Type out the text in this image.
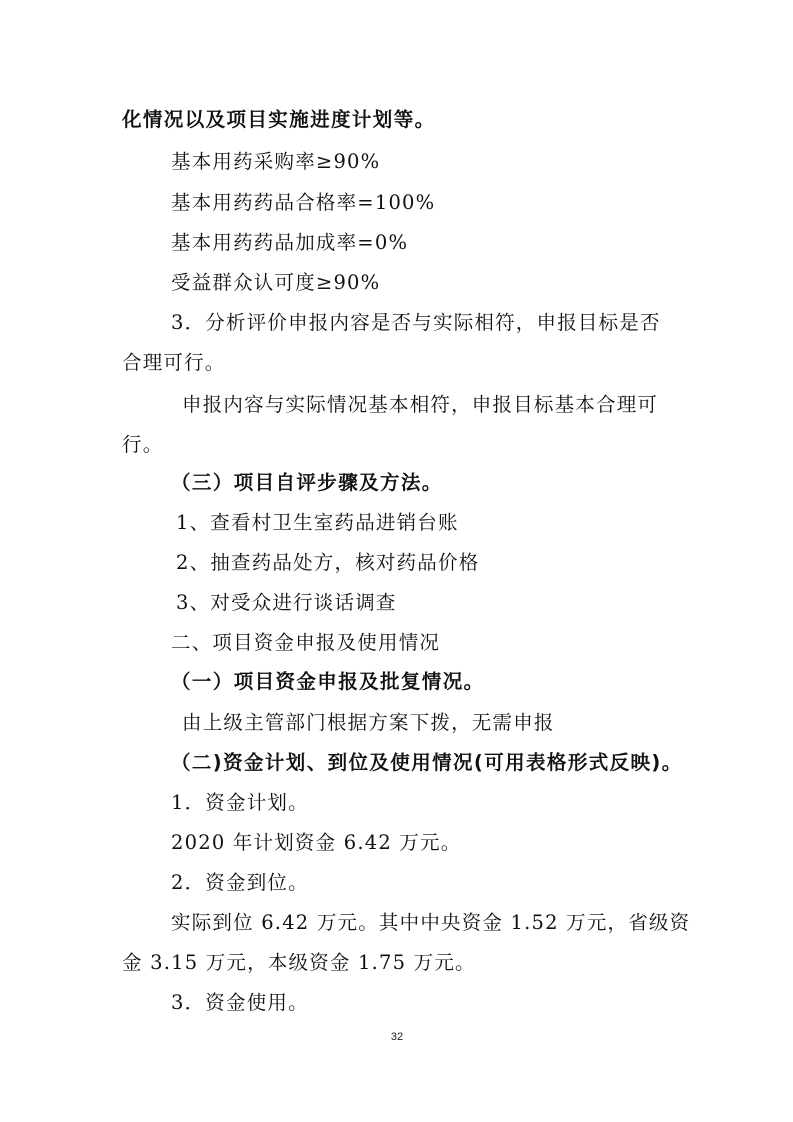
化情况以及项目实施进度计划等。
基本用药采购率≥90%
基本用药药品合格率=100%
基本用药药品加成率=0%
受益群众认可度≥90%
3．分析评价申报内容是否与实际相符，申报目标是否
合理可行。
申报内容与实际情况基本相符，申报目标基本合理可
行。
（三）项目自评步骤及方法。
1、查看村卫生室药品进销台账
2、抽查药品处方，核对药品价格
3、对受众进行谈话调查
二、项目资金申报及使用情况
（一）项目资金申报及批复情况。
由上级主管部门根据方案下拨，无需申报
（二)资金计划、到位及使用情况(可用表格形式反映)。
1．资金计划。
2020 年计划资金 6.42 万元。
2．资金到位。
实际到位 6.42 万元。其中中央资金 1.52 万元，省级资
金 3.15 万元，本级资金 1.75 万元。
3．资金使用。
32
